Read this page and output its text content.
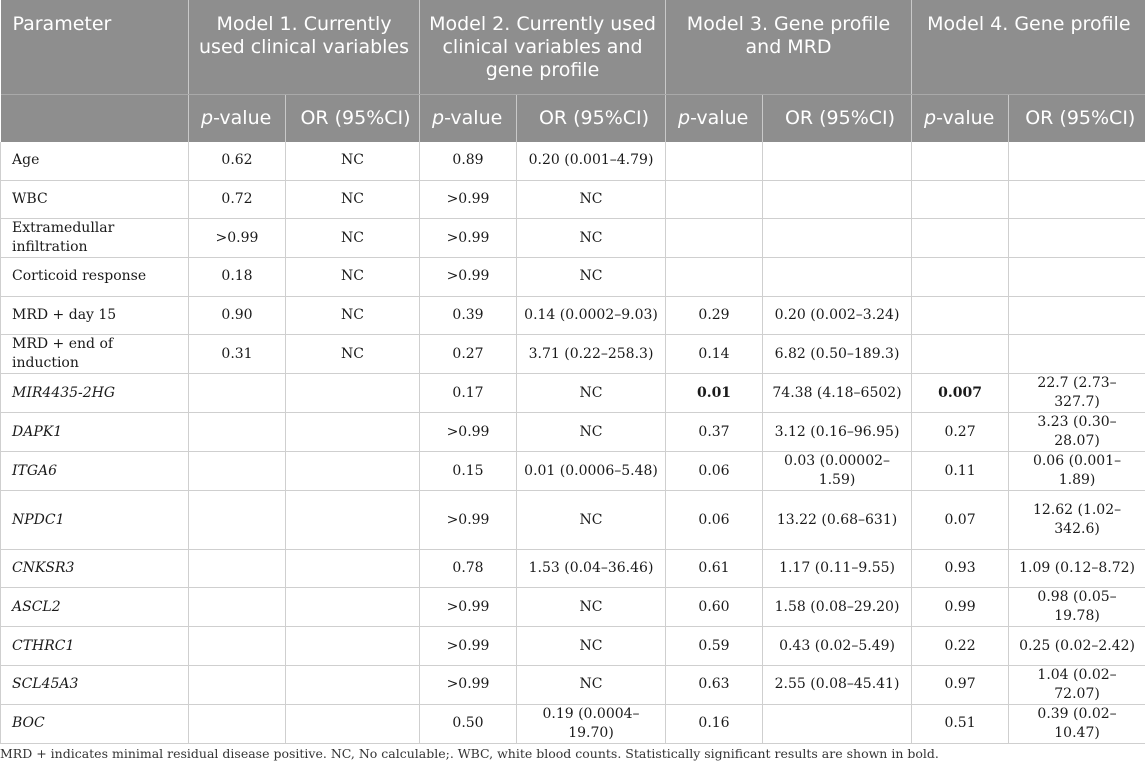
Parameter	Model 1. Currently used clinical variables		Model 2. Currently used clinical variables and gene profile		Model 3. Gene profile and MRD		Model 4. Gene profile	
	p-value	OR (95%CI)	p-value	OR (95%CI)	p-value	OR (95%CI)	p-value	OR (95%CI)
Age	0.62	NC	0.89	0.20 (0.001–4.79)				
WBC	0.72	NC	>0.99	NC				
Extramedullar infiltration	>0.99	NC	>0.99	NC				
Corticoid response	0.18	NC	>0.99	NC				
MRD + day 15	0.90	NC	0.39	0.14 (0.0002–9.03)	0.29	0.20 (0.002–3.24)		
MRD + end of induction	0.31	NC	0.27	3.71 (0.22–258.3)	0.14	6.82 (0.50–189.3)		
MIR4435-2HG			0.17	NC	0.01	74.38 (4.18–6502)	0.007	22.7 (2.73–327.7)
DAPK1			>0.99	NC	0.37	3.12 (0.16–96.95)	0.27	3.23 (0.30–28.07)
ITGA6			0.15	0.01 (0.0006–5.48)	0.06	0.03 (0.00002–1.59)	0.11	0.06 (0.001–1.89)
NPDC1			>0.99	NC	0.06	13.22 (0.68–631)	0.07	12.62 (1.02–342.6)
CNKSR3			0.78	1.53 (0.04–36.46)	0.61	1.17 (0.11–9.55)	0.93	1.09 (0.12–8.72)
ASCL2			>0.99	NC	0.60	1.58 (0.08–29.20)	0.99	0.98 (0.05–19.78)
CTHRC1			>0.99	NC	0.59	0.43 (0.02–5.49)	0.22	0.25 (0.02–2.42)
SCL45A3			>0.99	NC	0.63	2.55 (0.08–45.41)	0.97	1.04 (0.02–72.07)
BOC			0.50	0.19 (0.0004–19.70)	0.16		0.51	0.39 (0.02–10.47)
MRD + indicates minimal residual disease positive. NC, No calculable;. WBC, white blood counts. Statistically significant results are shown in bold.
